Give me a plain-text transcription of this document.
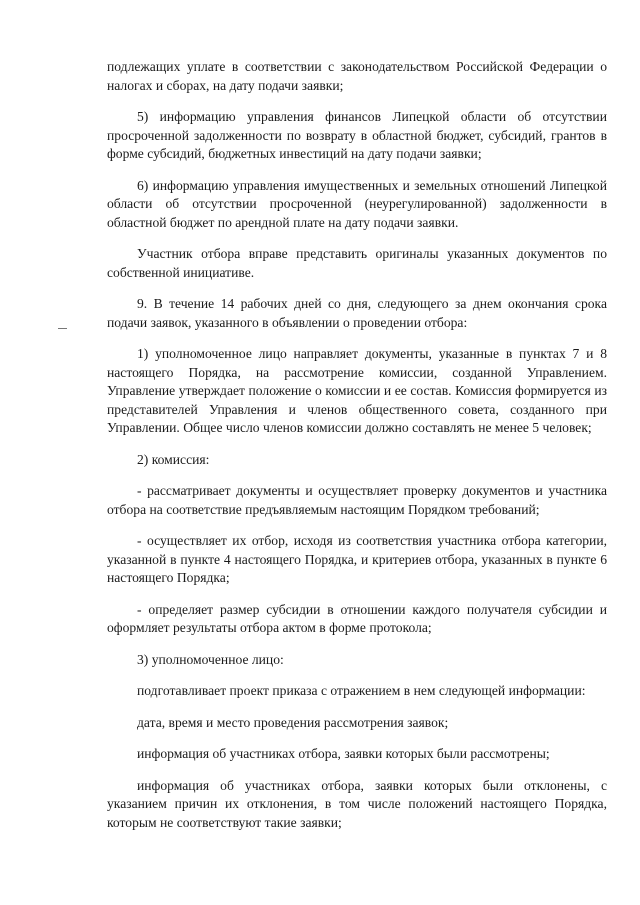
подлежащих уплате в соответствии с законодательством Российской Федерации о налогах и сборах, на дату подачи заявки;

5) информацию управления финансов Липецкой области об отсутствии просроченной задолженности по возврату в областной бюджет, субсидий, грантов в форме субсидий, бюджетных инвестиций на дату подачи заявки;

6) информацию управления имущественных и земельных отношений Липецкой области об отсутствии просроченной (неурегулированной) задолженности в областной бюджет по арендной плате на дату подачи заявки.

Участник отбора вправе представить оригиналы указанных документов по собственной инициативе.

9. В течение 14 рабочих дней со дня, следующего за днем окончания срока подачи заявок, указанного в объявлении о проведении отбора:

1) уполномоченное лицо направляет документы, указанные в пунктах 7 и 8 настоящего Порядка, на рассмотрение комиссии, созданной Управлением. Управление утверждает положение о комиссии и ее состав. Комиссия формируется из представителей Управления и членов общественного совета, созданного при Управлении. Общее число членов комиссии должно составлять не менее 5 человек;

2) комиссия:

- рассматривает документы и осуществляет проверку документов и участника отбора на соответствие предъявляемым настоящим Порядком требований;

- осуществляет их отбор, исходя из соответствия участника отбора категории, указанной в пункте 4 настоящего Порядка, и критериев отбора, указанных в пункте 6 настоящего Порядка;

- определяет размер субсидии в отношении каждого получателя субсидии и оформляет результаты отбора актом в форме протокола;

3) уполномоченное лицо:

подготавливает проект приказа с отражением в нем следующей информации:

дата, время и место проведения рассмотрения заявок;

информация об участниках отбора, заявки которых были рассмотрены;

информация об участниках отбора, заявки которых были отклонены, с указанием причин их отклонения, в том числе положений настоящего Порядка, которым не соответствуют такие заявки;
